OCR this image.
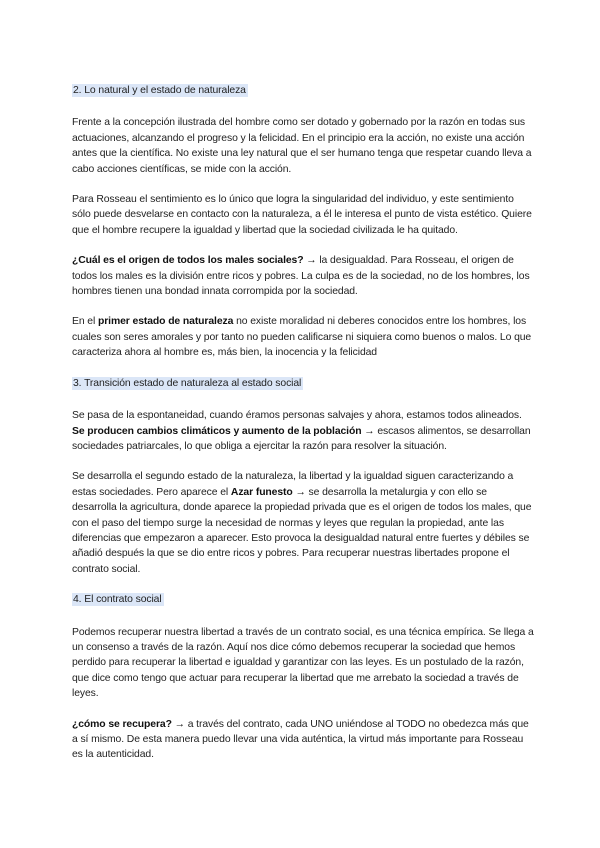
2. Lo natural y el estado de naturaleza

Frente a la concepción ilustrada del hombre como ser dotado y gobernado por la razón en todas sus actuaciones, alcanzando el progreso y la felicidad. En el principio era la acción, no existe una acción antes que la científica. No existe una ley natural que el ser humano tenga que respetar cuando lleva a cabo acciones científicas, se mide con la acción.

Para Rosseau el sentimiento es lo único que logra la singularidad del individuo, y este sentimiento sólo puede desvelarse en contacto con la naturaleza, a él le interesa el punto de vista estético. Quiere que el hombre recupere la igualdad y libertad que la sociedad civilizada le ha quitado.

¿Cuál es el origen de todos los males sociales? → la desigualdad. Para Rosseau, el origen de todos los males es la división entre ricos y pobres. La culpa es de la sociedad, no de los hombres, los hombres tienen una bondad innata corrompida por la sociedad.

En el primer estado de naturaleza no existe moralidad ni deberes conocidos entre los hombres, los cuales son seres amorales y por tanto no pueden calificarse ni siquiera como buenos o malos. Lo que caracteriza ahora al hombre es, más bien, la inocencia y la felicidad

3. Transición estado de naturaleza al estado social

Se pasa de la espontaneidad, cuando éramos personas salvajes y ahora, estamos todos alineados. Se producen cambios climáticos y aumento de la población → escasos alimentos, se desarrollan sociedades patriarcales, lo que obliga a ejercitar la razón para resolver la situación.

Se desarrolla el segundo estado de la naturaleza, la libertad y la igualdad siguen caracterizando a estas sociedades. Pero aparece el Azar funesto → se desarrolla la metalurgia y con ello se desarrolla la agricultura, donde aparece la propiedad privada que es el origen de todos los males, que con el paso del tiempo surge la necesidad de normas y leyes que regulan la propiedad, ante las diferencias que empezaron a aparecer. Esto provoca la desigualdad natural entre fuertes y débiles se añadió después la que se dio entre ricos y pobres. Para recuperar nuestras libertades propone el contrato social.

4. El contrato social

Podemos recuperar nuestra libertad a través de un contrato social, es una técnica empírica. Se llega a un consenso a través de la razón. Aquí nos dice cómo debemos recuperar la sociedad que hemos perdido para recuperar la libertad e igualdad y garantizar con las leyes. Es un postulado de la razón, que dice como tengo que actuar para recuperar la libertad que me arrebato la sociedad a través de leyes.

¿cómo se recupera? → a través del contrato, cada UNO uniéndose al TODO no obedezca más que a sí mismo. De esta manera puedo llevar una vida auténtica, la virtud más importante para Rosseau es la autenticidad.
